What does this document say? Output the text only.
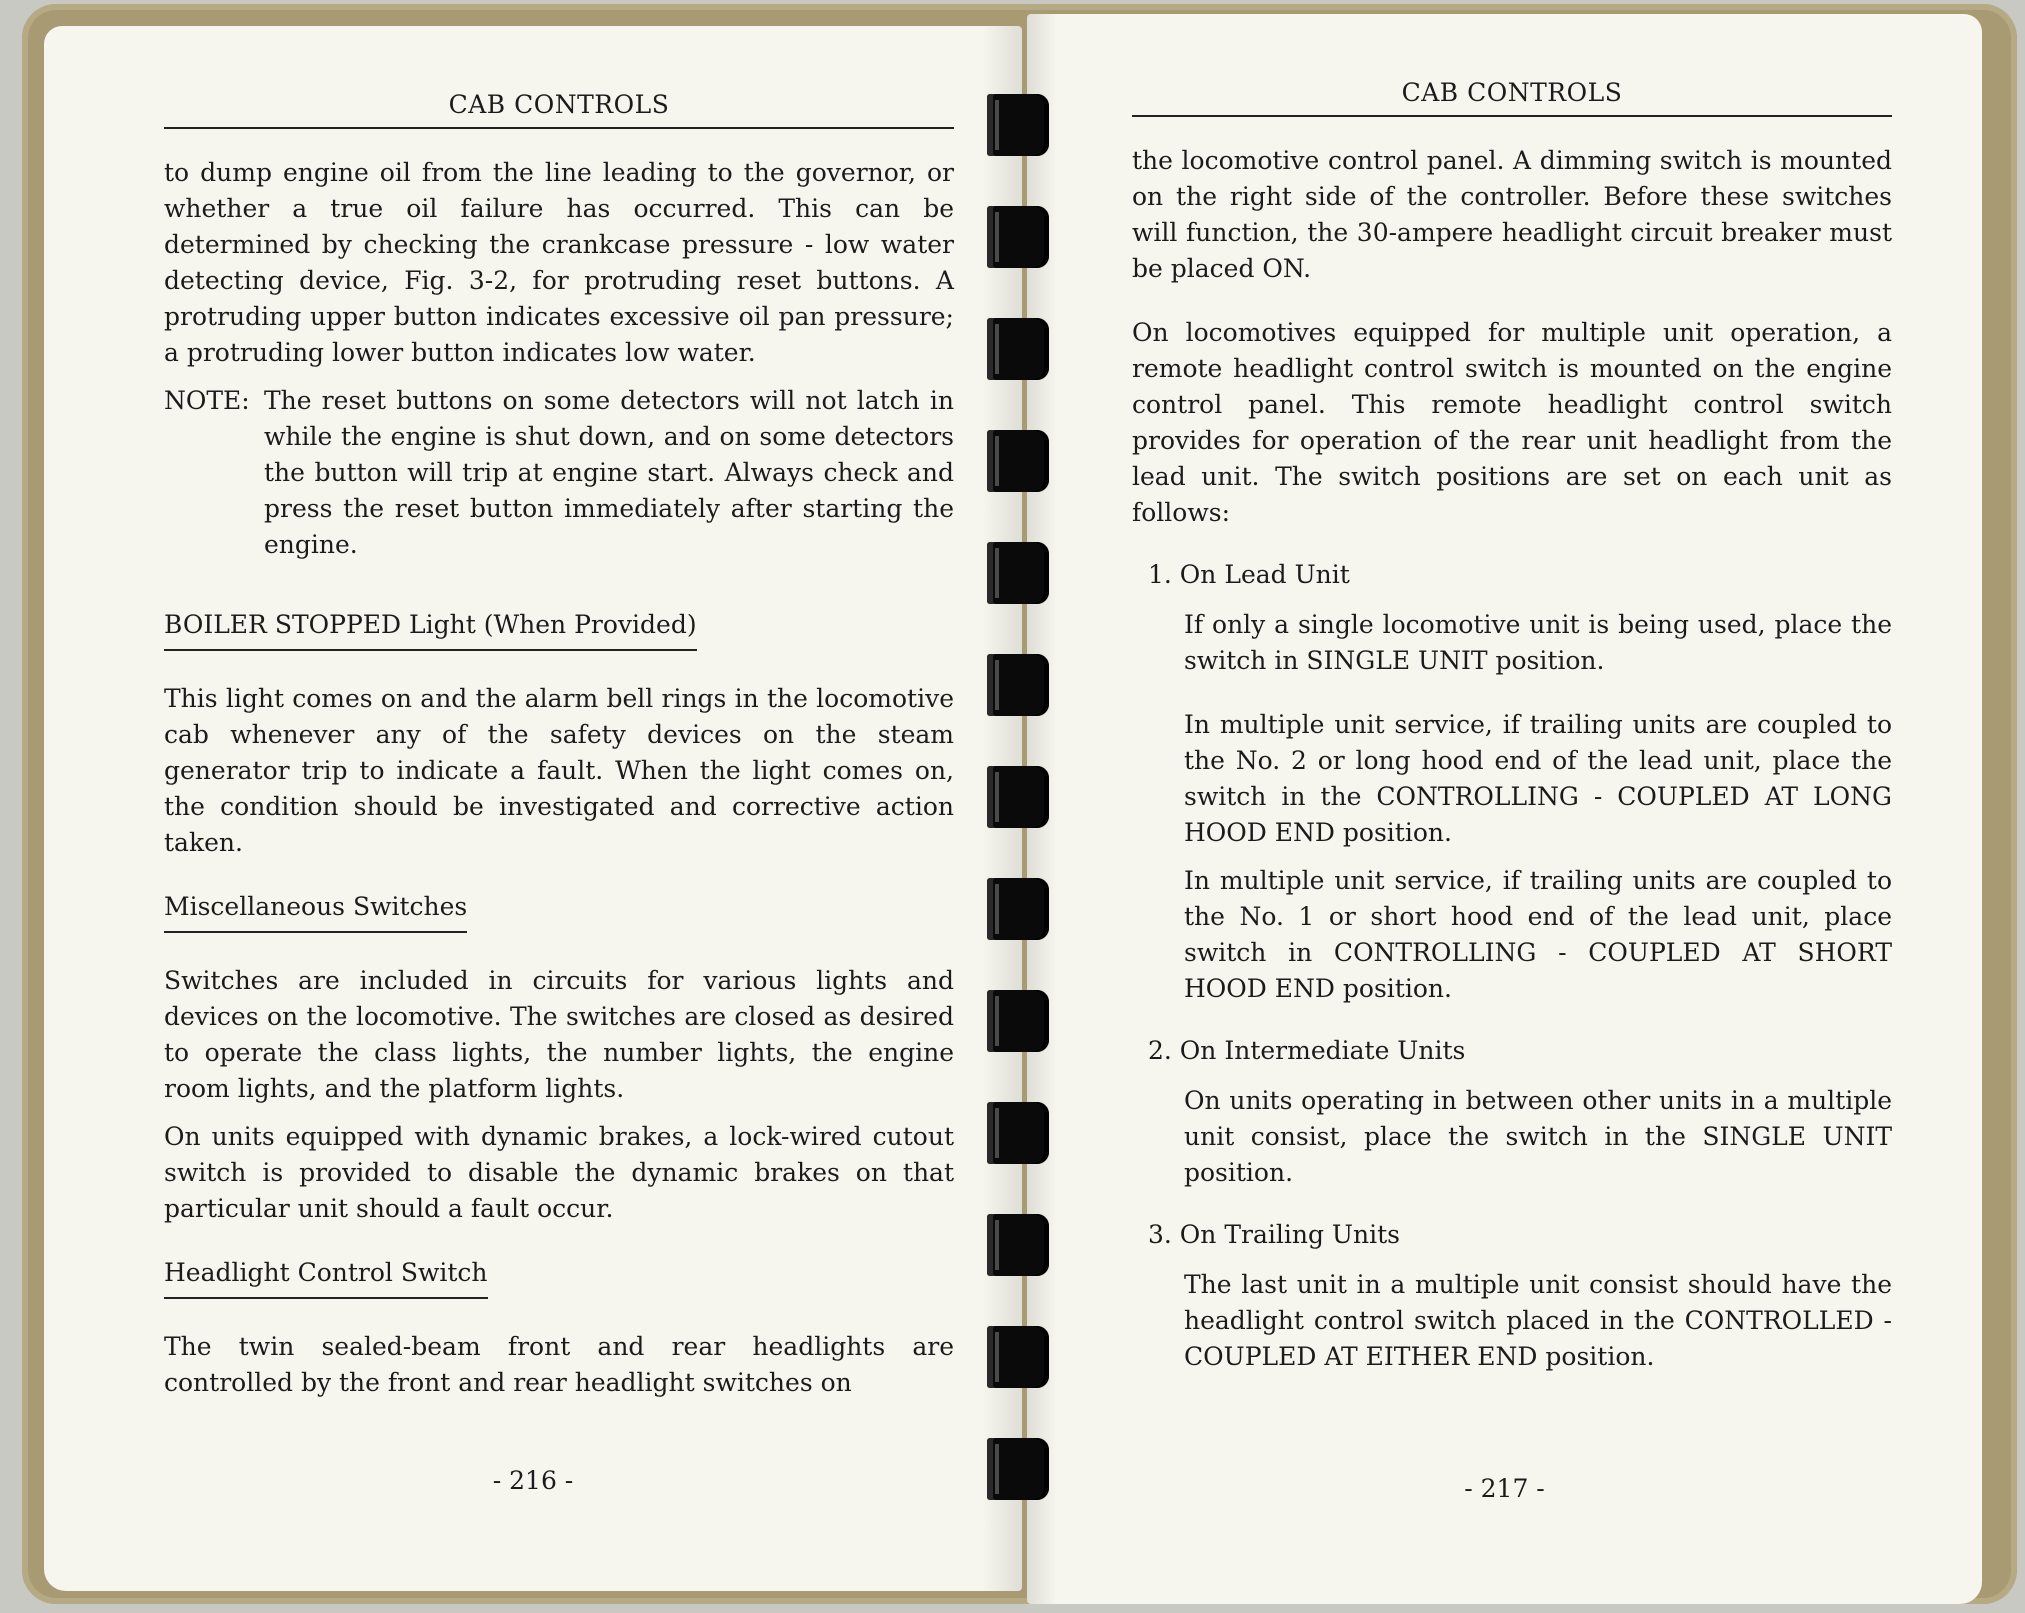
CAB CONTROLS

to dump engine oil from the line leading to the governor, or whether a true oil failure has occurred. This can be determined by checking the crankcase pressure - low water detecting device, Fig. 3-2, for protruding reset buttons. A protruding upper button indicates excessive oil pan pressure; a protruding lower button indicates low water.

NOTE: The reset buttons on some detectors will not latch in while the engine is shut down, and on some detectors the button will trip at engine start. Always check and press the reset button immediately after starting the engine.
BOILER STOPPED Light (When Provided)

This light comes on and the alarm bell rings in the locomotive cab whenever any of the safety devices on the steam generator trip to indicate a fault. When the light comes on, the condition should be investigated and corrective action taken.

Miscellaneous Switches

Switches are included in circuits for various lights and devices on the locomotive. The switches are closed as desired to operate the class lights, the number lights, the engine room lights, and the platform lights.

On units equipped with dynamic brakes, a lock-wired cutout switch is provided to disable the dynamic brakes on that particular unit should a fault occur.

Headlight Control Switch

The twin sealed-beam front and rear headlights are controlled by the front and rear headlight switches on

- 216 -
CAB CONTROLS

the locomotive control panel. A dimming switch is mounted on the right side of the controller. Before these switches will function, the 30-ampere headlight circuit breaker must be placed ON.

On locomotives equipped for multiple unit operation, a remote headlight control switch is mounted on the engine control panel. This remote headlight control switch provides for operation of the rear unit headlight from the lead unit. The switch positions are set on each unit as follows:

1. On Lead Unit

If only a single locomotive unit is being used, place the switch in SINGLE UNIT position.

In multiple unit service, if trailing units are coupled to the No. 2 or long hood end of the lead unit, place the switch in the CONTROLLING - COUPLED AT LONG HOOD END position.

In multiple unit service, if trailing units are coupled to the No. 1 or short hood end of the lead unit, place switch in CONTROLLING - COUPLED AT SHORT HOOD END position.

2. On Intermediate Units

On units operating in between other units in a multiple unit consist, place the switch in the SINGLE UNIT position.

3. On Trailing Units

The last unit in a multiple unit consist should have the headlight control switch placed in the CONTROLLED - COUPLED AT EITHER END position.

- 217 -
